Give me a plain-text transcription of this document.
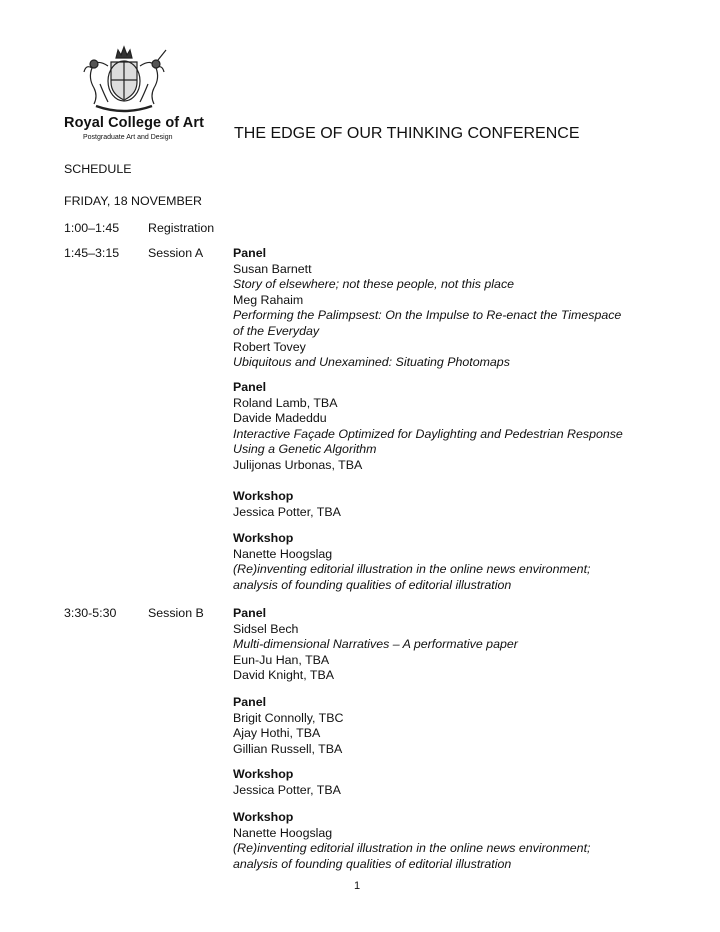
Royal College of Art
Postgraduate Art and Design	THE EDGE OF OUR THINKING CONFERENCE
SCHEDULE
FRIDAY, 18 NOVEMBER
1:00–1:45 Registration
1:45–3:15 Session A
3:30-5:30	Session B
Panel
Susan Barnett
Story of elsewhere; not these people, not this place
Meg Rahaim
Performing the Palimpsest: On the Impulse to Re-enact the Timespace
of the Everyday
Robert Tovey
Ubiquitous and Unexamined: Situating Photomaps
Panel
Roland Lamb, TBA
Davide Madeddu
Interactive Façade Optimized for Daylighting and Pedestrian Response
Using a Genetic Algorithm
Julijonas Urbonas, TBA
Workshop
Jessica Potter, TBA
Workshop
Nanette Hoogslag
(Re)inventing editorial illustration in the online news environment;
analysis of founding qualities of editorial illustration
Panel
Sidsel Bech
Multi-dimensional Narratives – A performative paper
Eun-Ju Han, TBA
David Knight, TBA
Panel
Brigit Connolly, TBC
Ajay Hothi, TBA
Gillian Russell, TBA
Workshop
Jessica Potter, TBA
Workshop
Nanette Hoogslag
(Re)inventing editorial illustration in the online news environment;
analysis of founding qualities of editorial illustration
1
